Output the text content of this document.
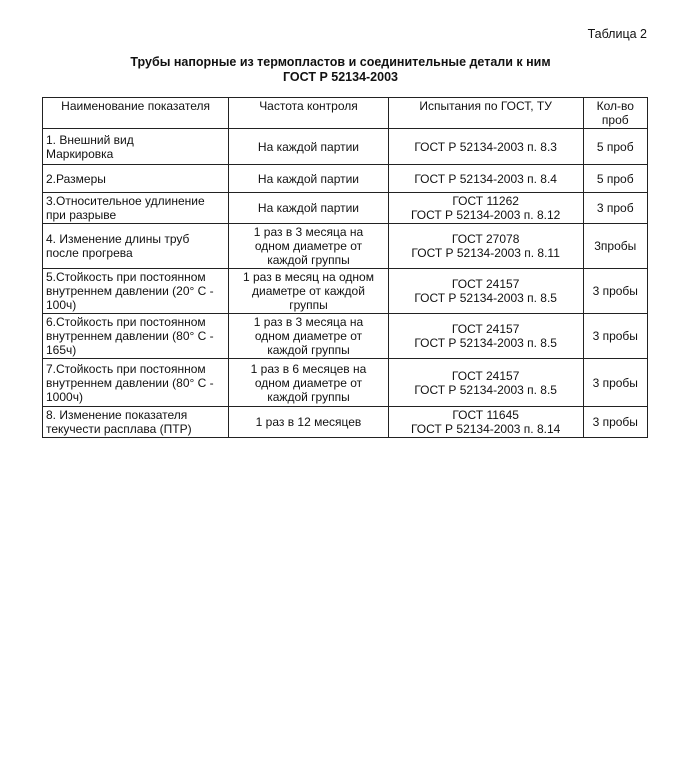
Таблица 2
Трубы напорные из термопластов и соединительные детали к ним
ГОСТ Р 52134-2003
Наименование показателя	Частота контроля	Испытания по ГОСТ, ТУ	Кол-во
проб

1. Внешний вид
Маркировка	На каждой партии	ГОСТ Р 52134-2003 п. 8.3	5 проб

2.Размеры	На каждой партии	ГОСТ Р 52134-2003 п. 8.4	5 проб

3.Относительное удлинение
при разрыве	На каждой партии	ГОСТ 11262
ГОСТ Р 52134-2003 п. 8.12	3 проб

4. Изменение длины труб
после прогрева	1 раз в 3 месяца на
одном диаметре от
каждой группы	ГОСТ 27078
ГОСТ Р 52134-2003 п. 8.11	3пробы

5.Стойкость при постоянном
внутреннем давлении (20° С -
100ч)	1 раз в месяц на одном
диаметре от каждой
группы	ГОСТ 24157
ГОСТ Р 52134-2003 п. 8.5	3 пробы

6.Стойкость при постоянном
внутреннем давлении (80° С -
165ч)	1 раз в 3 месяца на
одном диаметре от
каждой группы	ГОСТ 24157
ГОСТ Р 52134-2003 п. 8.5	3 пробы

7.Стойкость при постоянном
внутреннем давлении (80° С -
1000ч)	1 раз в 6 месяцев на
одном диаметре от
каждой группы	ГОСТ 24157
ГОСТ Р 52134-2003 п. 8.5	3 пробы

8. Изменение показателя
текучести расплава (ПТР)	1 раз в 12 месяцев	ГОСТ 11645
ГОСТ Р 52134-2003 п. 8.14	3 пробы
